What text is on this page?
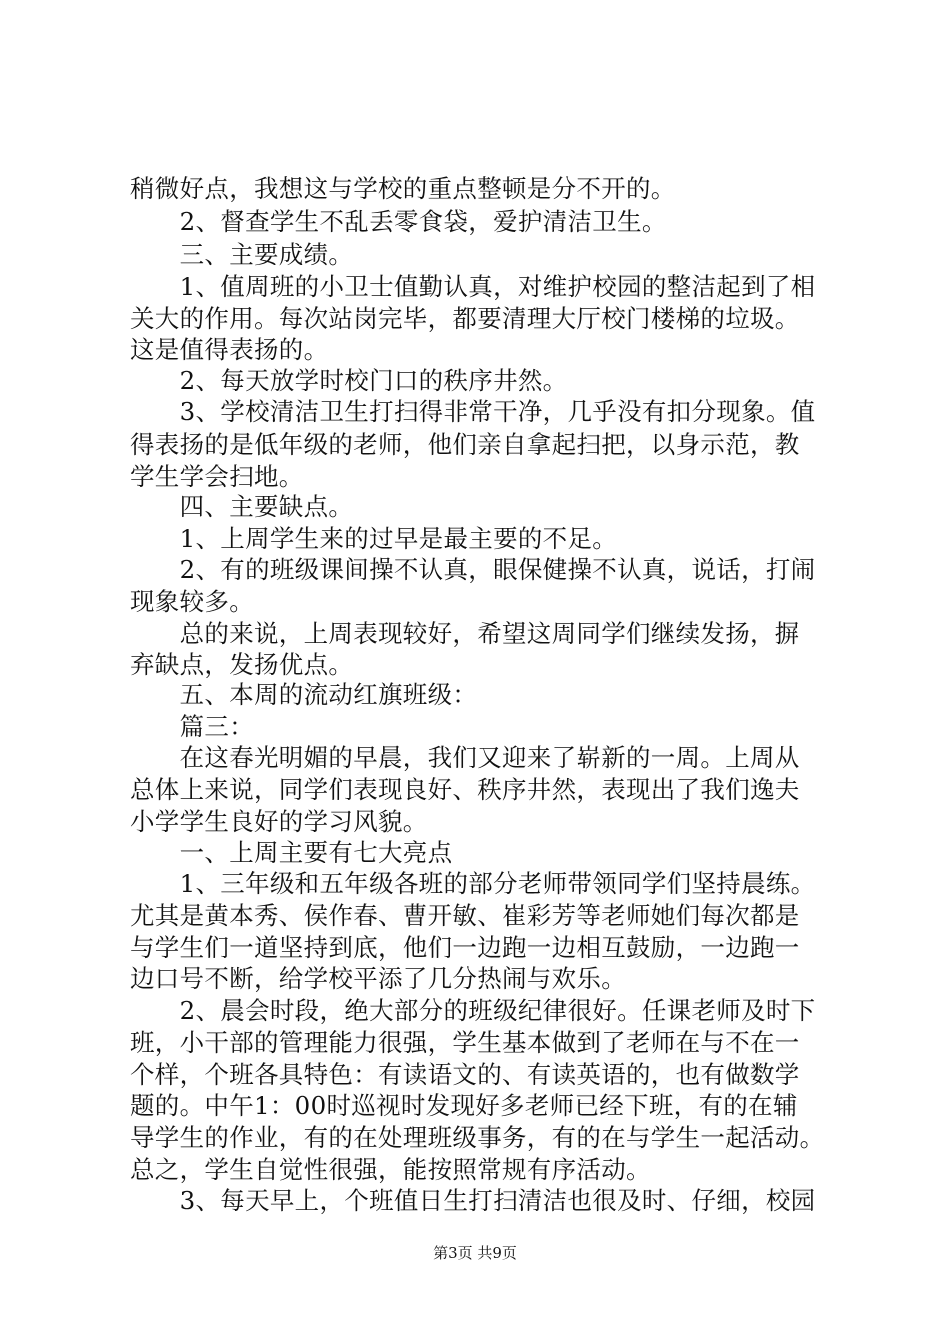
稍微好点，我想这与学校的重点整顿是分不开的。
　　2、督查学生不乱丢零食袋，爱护清洁卫生。
　　三、主要成绩。
　　1、值周班的小卫士值勤认真，对维护校园的整洁起到了相
关大的作用。每次站岗完毕，都要清理大厅校门楼梯的垃圾。
这是值得表扬的。
　　2、每天放学时校门口的秩序井然。
　　3、学校清洁卫生打扫得非常干净，几乎没有扣分现象。值
得表扬的是低年级的老师，他们亲自拿起扫把，以身示范，教
学生学会扫地。
　　四、主要缺点。
　　1、上周学生来的过早是最主要的不足。
　　2、有的班级课间操不认真，眼保健操不认真，说话，打闹
现象较多。
　　总的来说，上周表现较好，希望这周同学们继续发扬，摒
弃缺点，发扬优点。
　　五、本周的流动红旗班级：
　　篇三：
　　在这春光明媚的早晨，我们又迎来了崭新的一周。上周从
总体上来说，同学们表现良好、秩序井然，表现出了我们逸夫
小学学生良好的学习风貌。
　　一、上周主要有七大亮点
　　1、三年级和五年级各班的部分老师带领同学们坚持晨练。
尤其是黄本秀、侯作春、曹开敏、崔彩芳等老师她们每次都是
与学生们一道坚持到底，他们一边跑一边相互鼓励，一边跑一
边口号不断，给学校平添了几分热闹与欢乐。
　　2、晨会时段，绝大部分的班级纪律很好。任课老师及时下
班，小干部的管理能力很强，学生基本做到了老师在与不在一
个样，个班各具特色：有读语文的、有读英语的，也有做数学
题的。中午1：00时巡视时发现好多老师已经下班，有的在辅
导学生的作业，有的在处理班级事务，有的在与学生一起活动。
总之，学生自觉性很强，能按照常规有序活动。
　　3、每天早上，个班值日生打扫清洁也很及时、仔细，校园
第3页 共9页
